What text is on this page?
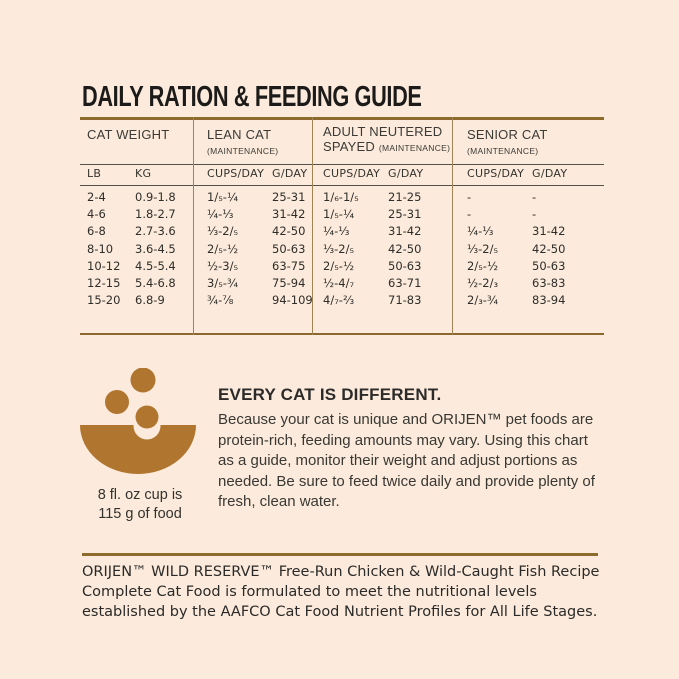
DAILY RATION & FEEDING GUIDE
CAT WEIGHT	LEAN CAT
(MAINTENANCE)
ADULT NEUTERED
SPAYED (MAINTENANCE)
SENIOR CAT
(MAINTENANCE)
LB	KG	CUPS/DAY G/DAY CUPS/DAY G/DAY	CUPS/DAY G/DAY
2-4	0.9-1.8	1/₅-¼	25-31 1/₆-1/₅	21-25	-	-
4-6	1.8-2.7	¼-⅓	31-42 1/₅-¼	25-31	-	-
6-8	2.7-3.6	⅓-2/₅	42-50 ¼-⅓	31-42	¼-⅓	31-42
8-10 3.6-4.5	2/₅-½	50-63 ⅓-2/₅	42-50	⅓-2/₅	42-50
10-12 4.5-5.4	½-3/₅	63-75 2/₅-½	50-63	2/₅-½	50-63
12-15 5.4-6.8	3/₅-¾	75-94 ½-4/₇	63-71	½-2/₃	63-83
15-20 6.8-9	¾-⅞	94-109 4/₇-⅔	71-83	2/₃-¾	83-94
8 fl. oz cup is
115 g of food
EVERY CAT IS DIFFERENT.
Because your cat is unique and ORIJEN™ pet foods are protein-rich, feeding amounts may vary. Using this chart as a guide, monitor their weight and adjust portions as needed. Be sure to feed twice daily and provide plenty of fresh, clean water.
ORIJEN™ WILD RESERVE™ Free-Run Chicken & Wild-Caught Fish Recipe Complete Cat Food is formulated to meet the nutritional levels established by the AAFCO Cat Food Nutrient Profiles for All Life Stages.
